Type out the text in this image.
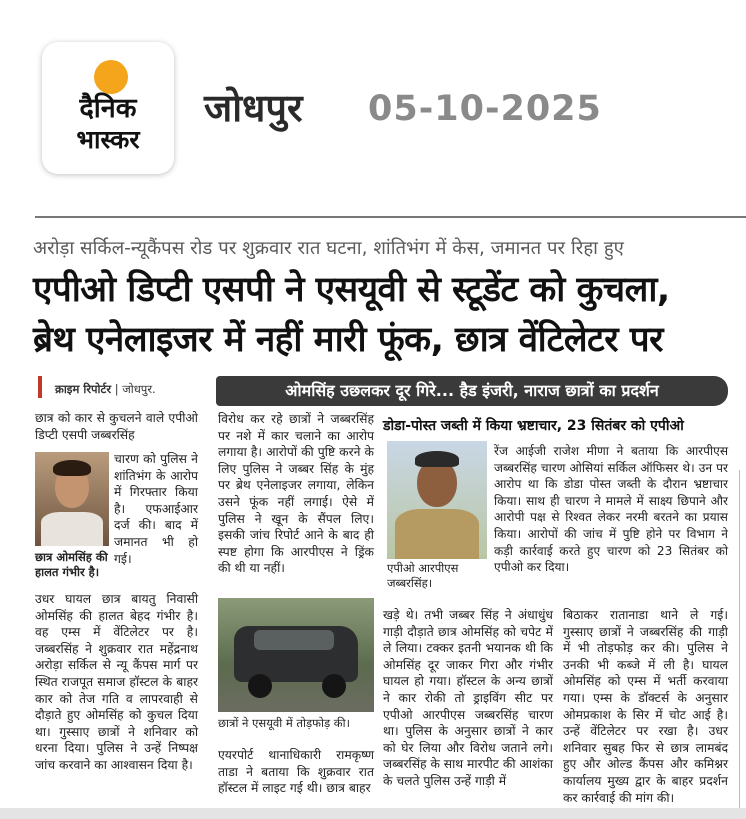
दैनिक
भास्कर
जोधपुर 05-10-2025
अरोड़ा सर्किल-न्यूकैंपस रोड पर शुक्रवार रात घटना, शांतिभंग में केस, जमानत पर रिहा हुए
एपीओ डिप्टी एसपी ने एसयूवी से स्टूडेंट को कुचला,
ब्रेथ एनेलाइजर में नहीं मारी फूंक, छात्र वेंटिलेटर पर
क्राइम रिपोर्टर | जोधपुर.	ओमसिंह उछलकर दूर गिरे... हैड इंजरी, नाराज छात्रों का प्रदर्शन

छात्र को कार से कुचलने वाले एपीओ डिप्टी एसपी जब्बरसिंह

चारण को पुलिस ने शांतिभंग के आरोप में गिरफ्तार किया है। एफआईआर दर्ज की। बाद में जमानत भी हो गई।

छात्र ओमसिंह की हालत गंभीर है।

उधर घायल छात्र बायतु निवासी ओमसिंह की हालत बेहद गंभीर है। वह एम्स में वेंटिलेटर पर है। जब्बरसिंह ने शुक्रवार रात महेंद्रनाथ अरोड़ा सर्किल से न्यू कैंपस मार्ग पर स्थित राजपूत समाज हॉस्टल के बाहर कार को तेज गति व लापरवाही से दौड़ाते हुए ओमसिंह को कुचल दिया था। गुस्साए छात्रों ने शनिवार को धरना दिया। पुलिस ने उन्हें निष्पक्ष जांच करवाने का आश्वासन दिया है।

विरोध कर रहे छात्रों ने जब्बरसिंह पर नशे में कार चलाने का आरोप लगाया है। आरोपों की पुष्टि करने के लिए पुलिस ने जब्बर सिंह के मुंह पर ब्रेथ एनेलाइजर लगाया, लेकिन उसने फूंक नहीं लगाई। ऐसे में पुलिस ने खून के सैंपल लिए। इसकी जांच रिपोर्ट आने के बाद ही स्पष्ट होगा कि आरपीएस ने ड्रिंक की थी या नहीं।

छात्रों ने एसयूवी में तोड़फोड़ की।

एयरपोर्ट थानाधिकारी रामकृष्ण ताडा ने बताया कि शुक्रवार रात हॉस्टल में लाइट गई थी। छात्र बाहर

डोडा-पोस्त जब्ती में किया भ्रष्टाचार, 23 सितंबर को एपीओ
एपीओ आरपीएस
जब्बरसिंह।

रेंज आईजी राजेश मीणा ने बताया कि आरपीएस जब्बरसिंह चारण ओसियां सर्किल ऑफिसर थे। उन पर आरोप था कि डोडा पोस्त जब्ती के दौरान भ्रष्टाचार किया। साथ ही चारण ने मामले में साक्ष्य छिपाने और आरोपी पक्ष से रिश्वत लेकर नरमी बरतने का प्रयास किया। आरोपों की जांच में पुष्टि होने पर विभाग ने कड़ी कार्रवाई करते हुए चारण को 23 सितंबर को एपीओ कर दिया।

खड़े थे। तभी जब्बर सिंह ने अंधाधुंध गाड़ी दौड़ाते छात्र ओमसिंह को चपेट में ले लिया। टक्कर इतनी भयानक थी कि ओमसिंह दूर जाकर गिरा और गंभीर घायल हो गया। हॉस्टल के अन्य छात्रों ने कार रोकी तो ड्राइविंग सीट पर एपीओ आरपीएस जब्बरसिंह चारण था। पुलिस के अनुसार छात्रों ने कार को घेर लिया और विरोध जताने लगे। जब्बरसिंह के साथ मारपीट की आशंका के चलते पुलिस उन्हें गाड़ी में

बिठाकर रातानाडा थाने ले गई। गुस्साए छात्रों ने जब्बरसिंह की गाड़ी में भी तोड़फोड़ कर की। पुलिस ने उनकी भी कब्जे में ली है। घायल ओमसिंह को एम्स में भर्ती करवाया गया। एम्स के डॉक्टर्स के अनुसार ओमप्रकाश के सिर में चोट आई है। उन्हें वेंटिलेटर पर रखा है। उधर शनिवार सुबह फिर से छात्र लामबंद हुए और ओल्ड कैंपस और कमिश्नर कार्यालय मुख्य द्वार के बाहर प्रदर्शन कर कार्रवाई की मांग की।
